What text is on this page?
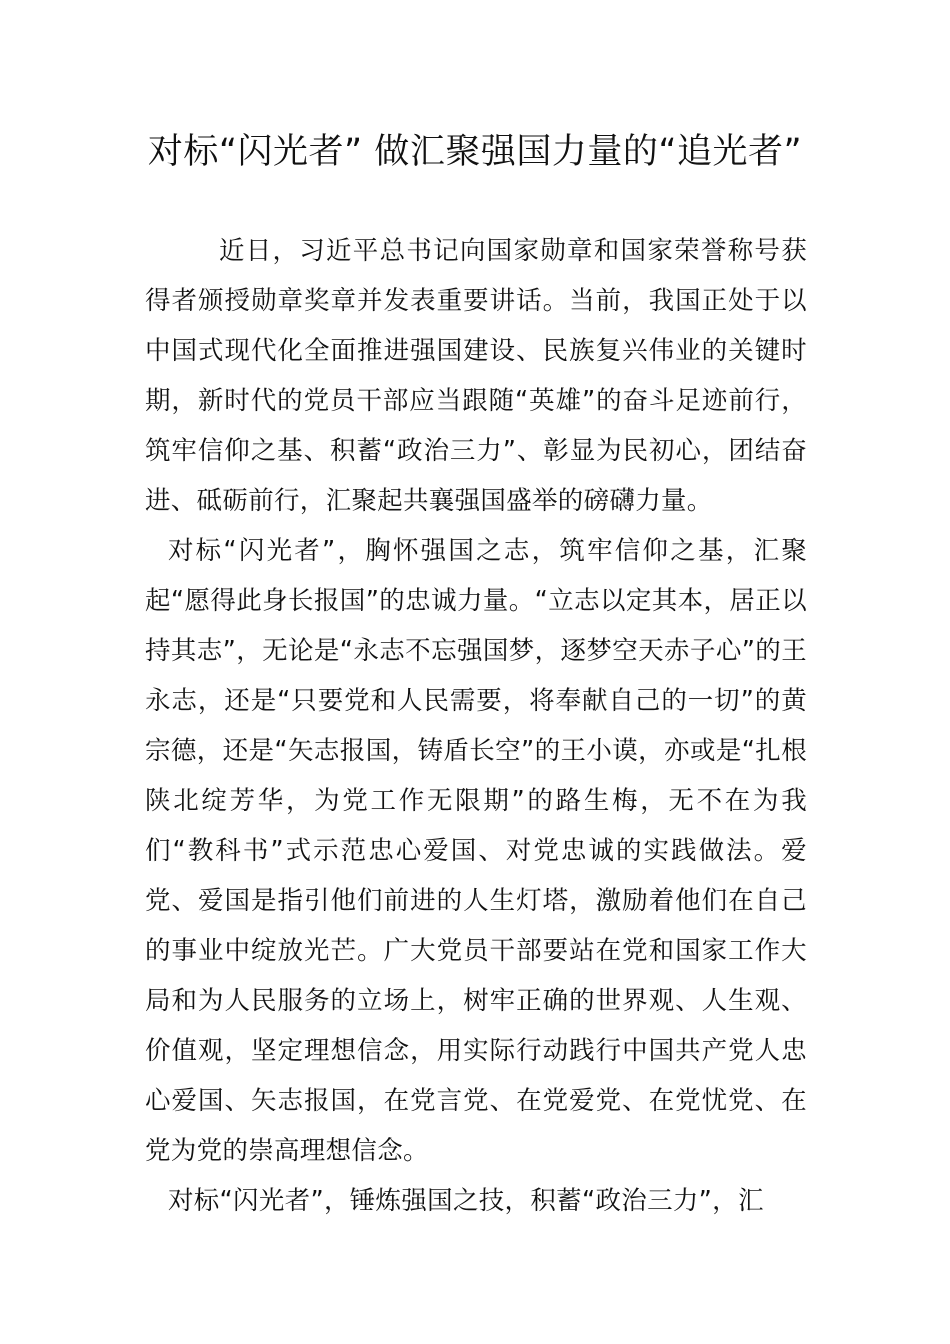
对标“闪光者” 做汇聚强国力量的“追光者”

近日，习近平总书记向国家勋章和国家荣誉称号获得者颁授勋章奖章并发表重要讲话。当前，我国正处于以中国式现代化全面推进强国建设、民族复兴伟业的关键时期，新时代的党员干部应当跟随“英雄”的奋斗足迹前行，筑牢信仰之基、积蓄“政治三力”、彰显为民初心，团结奋进、砥砺前行，汇聚起共襄强国盛举的磅礴力量。

对标“闪光者”，胸怀强国之志，筑牢信仰之基，汇聚起“愿得此身长报国”的忠诚力量。“立志以定其本，居正以持其志”，无论是“永志不忘强国梦，逐梦空天赤子心”的王永志，还是“只要党和人民需要，将奉献自己的一切”的黄宗德，还是“矢志报国，铸盾长空”的王小谟，亦或是“扎根陕北绽芳华，为党工作无限期”的路生梅，无不在为我们“教科书”式示范忠心爱国、对党忠诚的实践做法。爱党、爱国是指引他们前进的人生灯塔，激励着他们在自己的事业中绽放光芒。广大党员干部要站在党和国家工作大局和为人民服务的立场上，树牢正确的世界观、人生观、价值观，坚定理想信念，用实际行动践行中国共产党人忠心爱国、矢志报国，在党言党、在党爱党、在党忧党、在党为党的崇高理想信念。

对标“闪光者”，锤炼强国之技，积蓄“政治三力”，汇
